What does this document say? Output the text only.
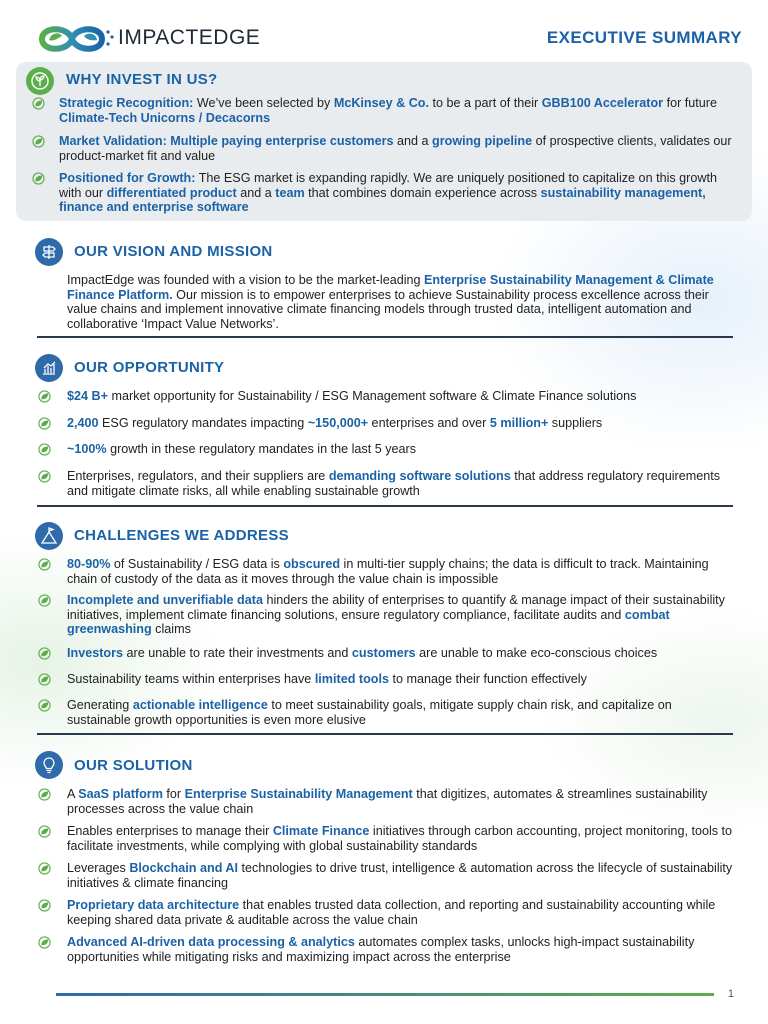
IMPACTEDGE	EXECUTIVE SUMMARY
WHY INVEST IN US?
Strategic Recognition: We’ve been selected by McKinsey & Co. to be a part of their GBB100 Accelerator for future Climate-Tech Unicorns / Decacorns
Market Validation: Multiple paying enterprise customers and a growing pipeline of prospective clients, validates our product-market fit and value
Positioned for Growth: The ESG market is expanding rapidly. We are uniquely positioned to capitalize on this growth with our differentiated product and a team that combines domain experience across sustainability management, finance and enterprise software
OUR VISION AND MISSION
ImpactEdge was founded with a vision to be the market-leading Enterprise Sustainability Management & Climate Finance Platform. Our mission is to empower enterprises to achieve Sustainability process excellence across their value chains and implement innovative climate financing models through trusted data, intelligent automation and collaborative ‘Impact Value Networks’.
OUR OPPORTUNITY
$24 B+ market opportunity for Sustainability / ESG Management software & Climate Finance solutions
2,400 ESG regulatory mandates impacting ~150,000+ enterprises and over 5 million+ suppliers
~100% growth in these regulatory mandates in the last 5 years
Enterprises, regulators, and their suppliers are demanding software solutions that address regulatory requirements and mitigate climate risks, all while enabling sustainable growth
CHALLENGES WE ADDRESS
80-90% of Sustainability / ESG data is obscured in multi-tier supply chains; the data is difficult to track. Maintaining chain of custody of the data as it moves through the value chain is impossible
Incomplete and unverifiable data hinders the ability of enterprises to quantify & manage impact of their sustainability initiatives, implement climate financing solutions, ensure regulatory compliance, facilitate audits and combat greenwashing claims
Investors are unable to rate their investments and customers are unable to make eco-conscious choices
Sustainability teams within enterprises have limited tools to manage their function effectively
Generating actionable intelligence to meet sustainability goals, mitigate supply chain risk, and capitalize on sustainable growth opportunities is even more elusive
OUR SOLUTION
A SaaS platform for Enterprise Sustainability Management that digitizes, automates & streamlines sustainability processes across the value chain
Enables enterprises to manage their Climate Finance initiatives through carbon accounting, project monitoring, tools to facilitate investments, while complying with global sustainability standards
Leverages Blockchain and AI technologies to drive trust, intelligence & automation across the lifecycle of sustainability initiatives & climate financing
Proprietary data architecture that enables trusted data collection, and reporting and sustainability accounting while keeping shared data private & auditable across the value chain
Advanced AI-driven data processing & analytics automates complex tasks, unlocks high-impact sustainability opportunities while mitigating risks and maximizing impact across the enterprise
1
